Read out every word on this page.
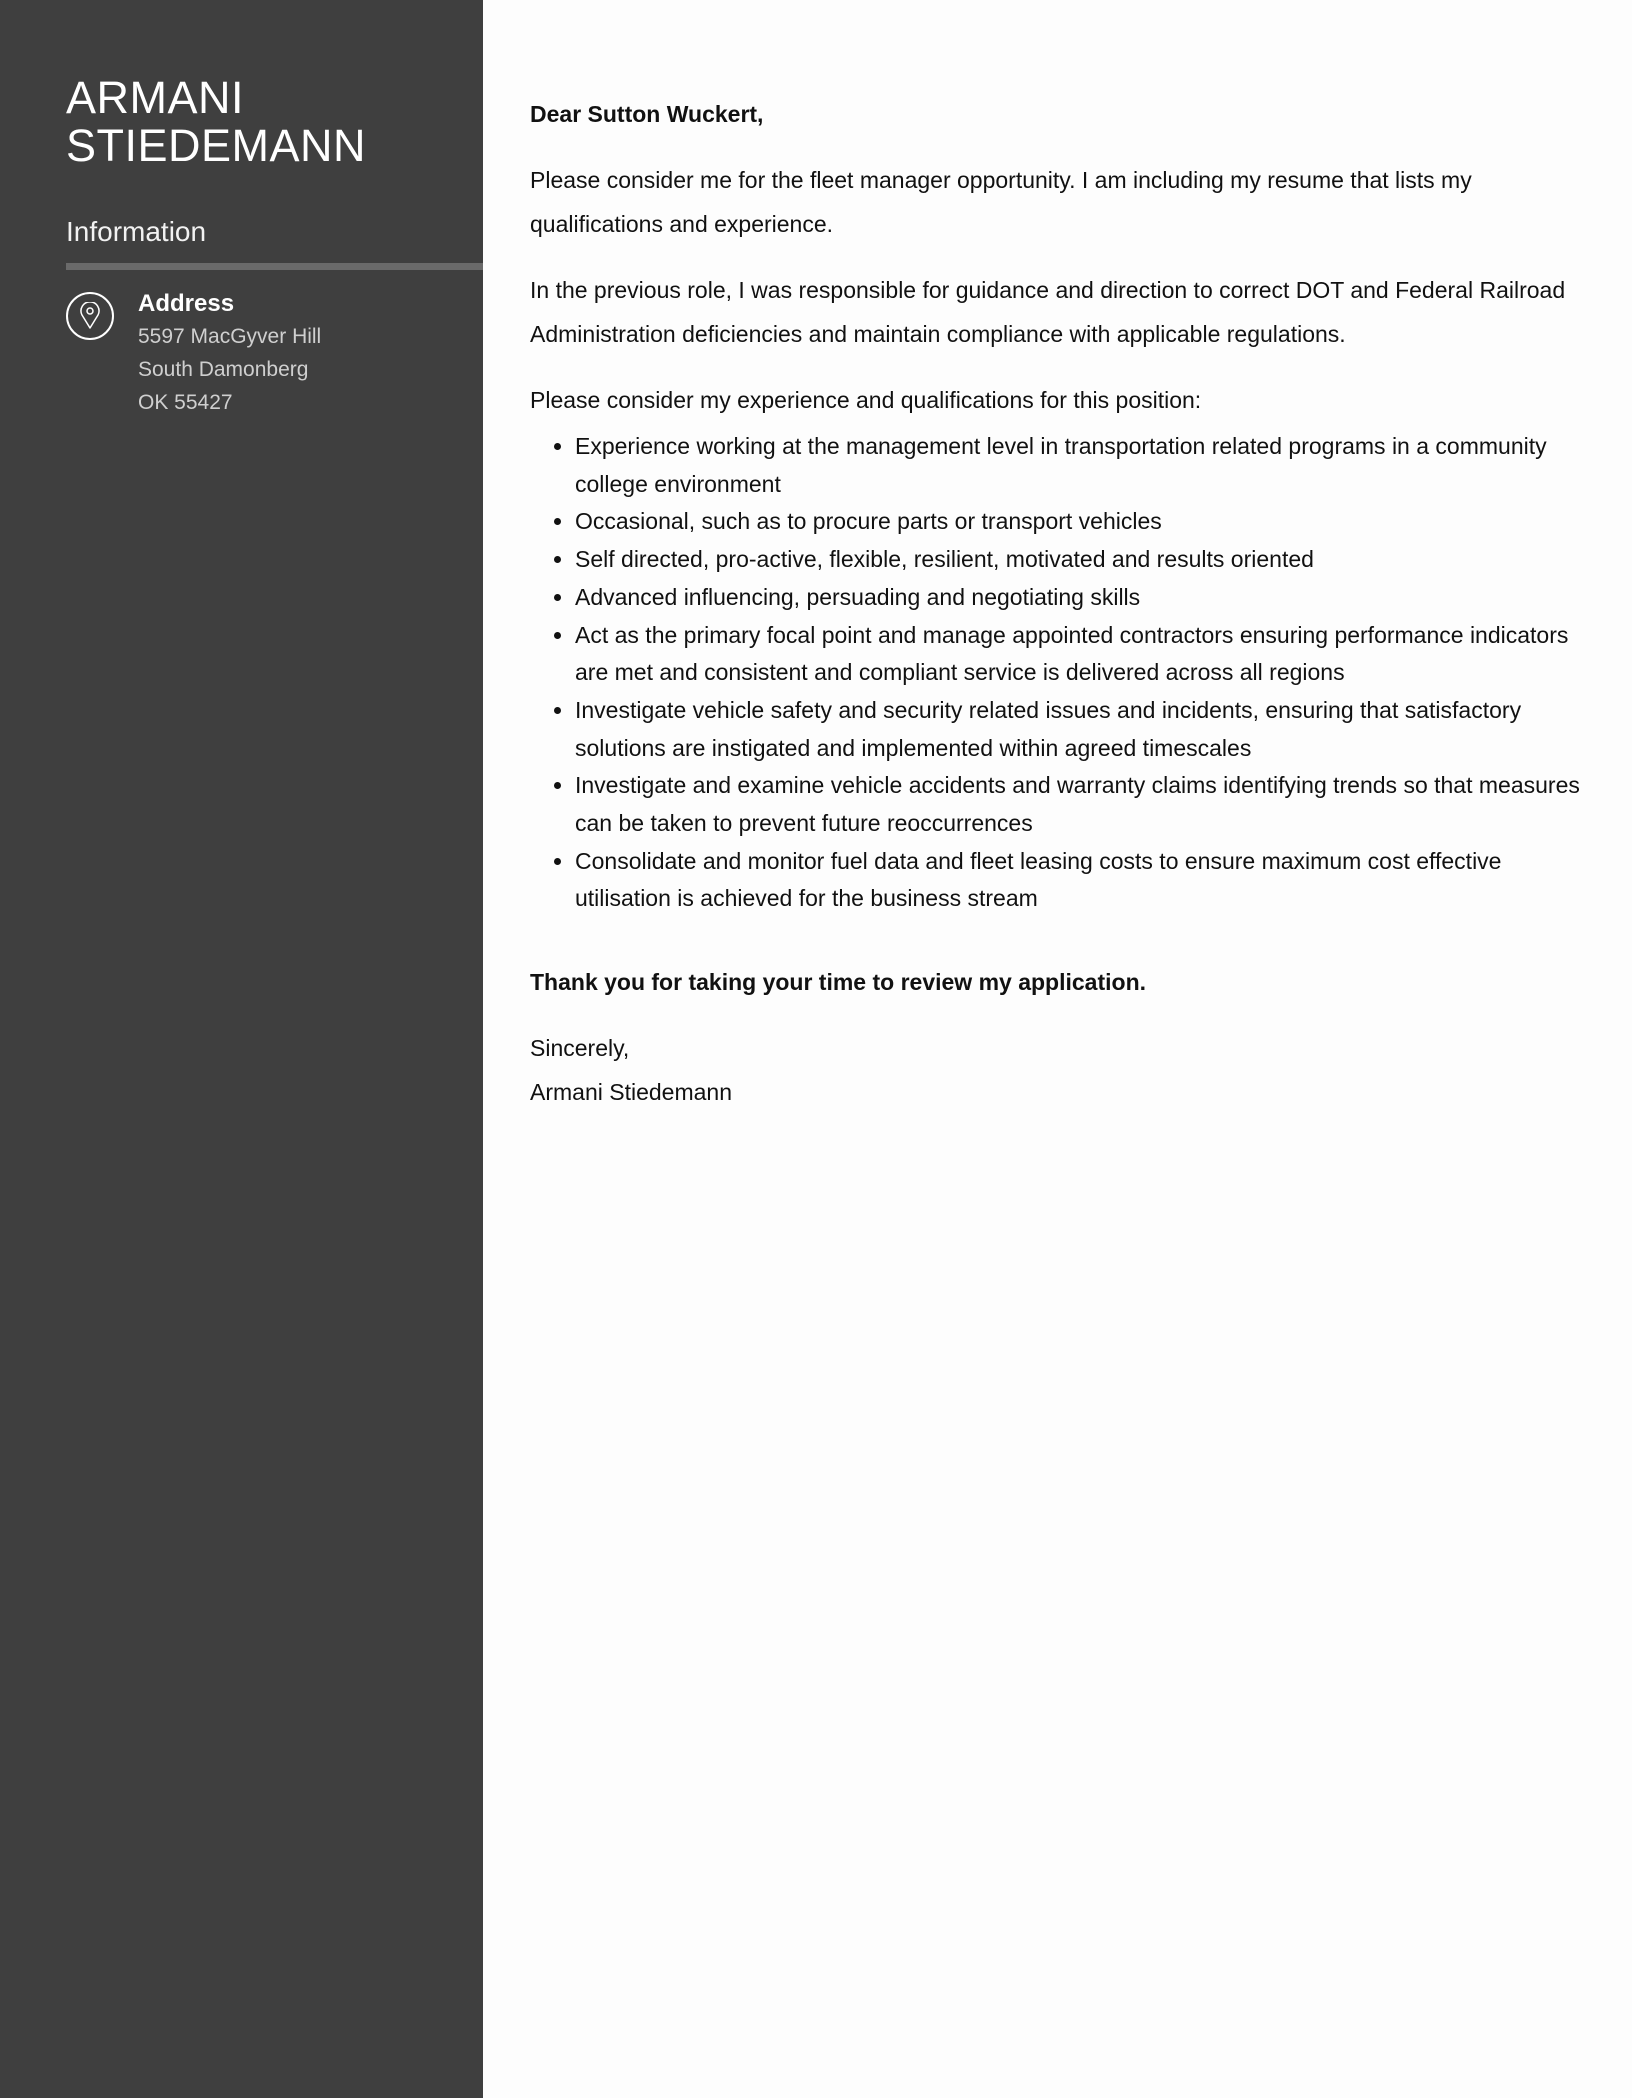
ARMANI
STIEDEMANN
Information
Address
5597 MacGyver Hill
South Damonberg
OK 55427

Dear Sutton Wuckert,

Please consider me for the fleet manager opportunity. I am including my resume that lists my qualifications and experience.

In the previous role, I was responsible for guidance and direction to correct DOT and Federal Railroad Administration deficiencies and maintain compliance with applicable regulations.

Please consider my experience and qualifications for this position:

• Experience working at the management level in transportation related programs in a community college environment
• Occasional, such as to procure parts or transport vehicles
• Self directed, pro-active, flexible, resilient, motivated and results oriented
• Advanced influencing, persuading and negotiating skills
• Act as the primary focal point and manage appointed contractors ensuring performance indicators are met and consistent and compliant service is delivered across all regions
• Investigate vehicle safety and security related issues and incidents, ensuring that satisfactory solutions are instigated and implemented within agreed timescales
• Investigate and examine vehicle accidents and warranty claims identifying trends so that measures can be taken to prevent future reoccurrences
• Consolidate and monitor fuel data and fleet leasing costs to ensure maximum cost effective utilisation is achieved for the business stream

Thank you for taking your time to review my application.

Sincerely,

Armani Stiedemann
